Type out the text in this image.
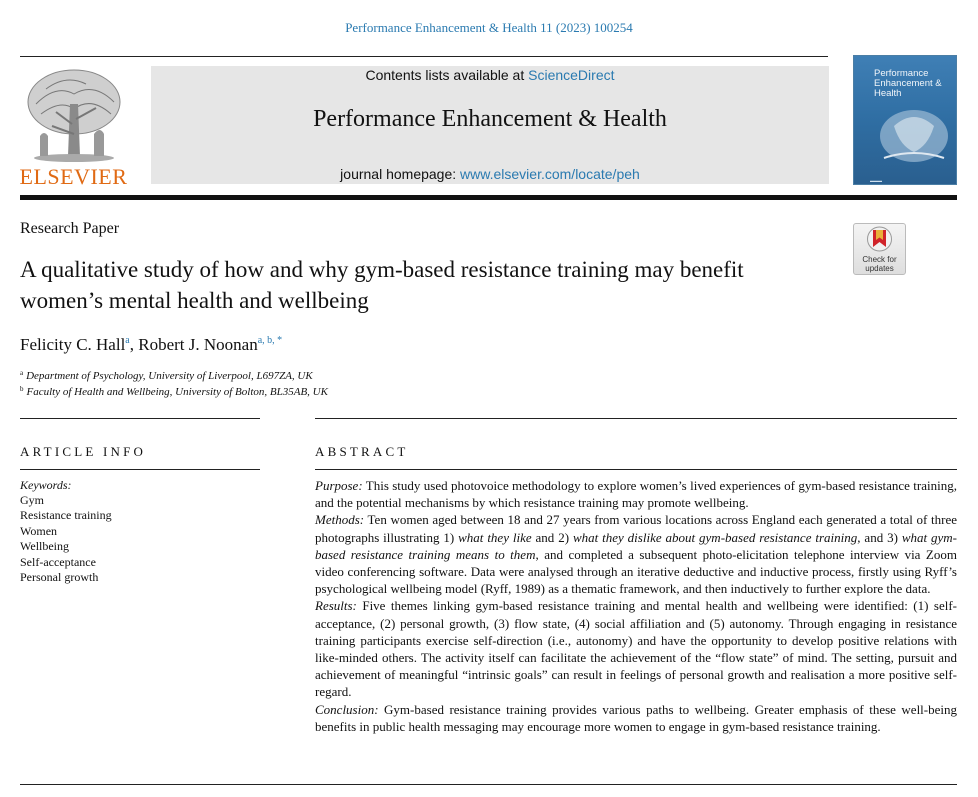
Performance Enhancement & Health 11 (2023) 100254
ELSEVIER
Contents lists available at ScienceDirect
Performance Enhancement & Health
journal homepage: www.elsevier.com/locate/peh
Performance Enhancement & Health
▬▬▬
Research Paper
A qualitative study of how and why gym-based resistance training may benefit women’s mental health and wellbeing
Felicity C. Hall$^a$, Robert J. Noonan$^{a, b, *}$
$^a$ Department of Psychology, University of Liverpool, L697ZA, UK
$^b$ Faculty of Health and Wellbeing, University of Bolton, BL35AB, UK
Check for
updates
ARTICLE INFO	ABSTRACT
Keywords:
Gym
Resistance training
Women
Wellbeing
Self-acceptance
Personal growth

Purpose: This study used photovoice methodology to explore women’s lived experiences of gym-based resistance training, and the potential mechanisms by which resistance training may promote wellbeing.

Methods: Ten women aged between 18 and 27 years from various locations across England each generated a total of three photographs illustrating 1) what they like and 2) what they dislike about gym-based resistance training, and 3) what gym-based resistance training means to them, and completed a subsequent photo-elicitation telephone interview via Zoom video conferencing software. Data were analysed through an iterative deductive and inductive process, firstly using Ryff’s psychological wellbeing model (Ryff, 1989) as a thematic framework, and then inductively to further explore the data.

Results: Five themes linking gym-based resistance training and mental health and wellbeing were identified: (1) self-acceptance, (2) personal growth, (3) flow state, (4) social affiliation and (5) autonomy. Through engaging in resistance training participants exercise self-direction (i.e., autonomy) and have the opportunity to develop positive relations with like-minded others. The activity itself can facilitate the achievement of the “flow state” of mind. The setting, pursuit and achievement of meaningful “intrinsic goals” can result in feelings of personal growth and realisation a more positive self-regard.

Conclusion: Gym-based resistance training provides various paths to wellbeing. Greater emphasis of these well-being benefits in public health messaging may encourage more women to engage in gym-based resistance training.
